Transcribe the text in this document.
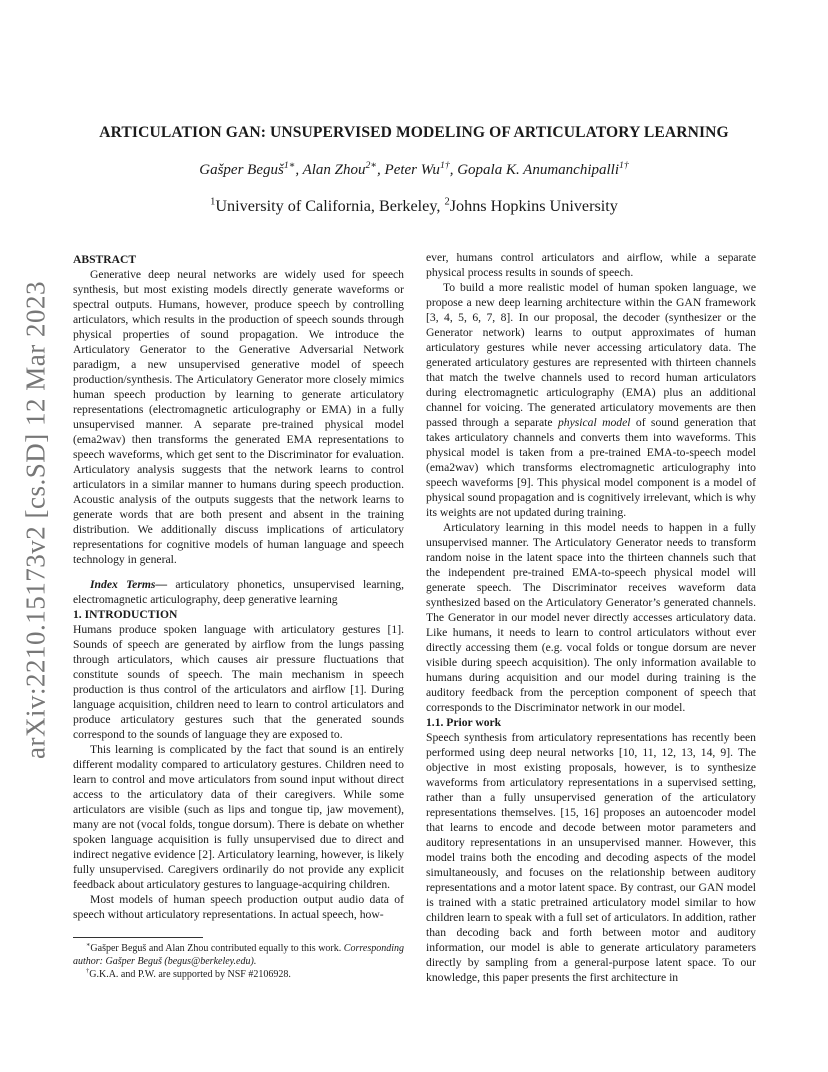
arXiv:2210.15173v2 [cs.SD] 12 Mar 2023
ARTICULATION GAN: UNSUPERVISED MODELING OF ARTICULATORY LEARNING
Gašper Beguš$^{1∗}$, Alan Zhou$^{2∗}$, Peter $Wu^{1\dagger}$, Gopala K. Anumanchipalli$^{1\dagger}$
$^1$University of California, Berkeley, $^2$Johns Hopkins University

ABSTRACT

Generative deep neural networks are widely used for speech synthesis, but most existing models directly generate waveforms or spectral outputs. Humans, however, produce speech by controlling articulators, which results in the production of speech sounds through physical properties of sound propagation. We introduce the Articulatory Generator to the Generative Adversarial Network paradigm, a new unsupervised generative model of speech production/synthesis. The Articulatory Generator more closely mimics human speech production by learning to generate articulatory representations (electromagnetic articulography or EMA) in a fully unsupervised manner. A separate pre-trained physical model (ema2wav) then transforms the generated EMA representations to speech waveforms, which get sent to the Discriminator for evaluation. Articulatory analysis suggests that the network learns to control articulators in a similar manner to humans during speech production. Acoustic analysis of the outputs suggests that the network learns to generate words that are both present and absent in the training distribution. We additionally discuss implications of articulatory representations for cognitive models of human language and speech technology in general.

Index Terms— articulatory phonetics, unsupervised learning, electromagnetic articulography, deep generative learning

1. INTRODUCTION

Humans produce spoken language with articulatory gestures [1]. Sounds of speech are generated by airflow from the lungs passing through articulators, which causes air pressure fluctuations that constitute sounds of speech. The main mechanism in speech production is thus control of the articulators and airflow [1]. During language acquisition, children need to learn to control articulators and produce articulatory gestures such that the generated sounds correspond to the sounds of language they are exposed to.

This learning is complicated by the fact that sound is an entirely different modality compared to articulatory gestures. Children need to learn to control and move articulators from sound input without direct access to the articulatory data of their caregivers. While some articulators are visible (such as lips and tongue tip, jaw movement), many are not (vocal folds, tongue dorsum). There is debate on whether spoken language acquisition is fully unsupervised due to direct and indirect negative evidence [2]. Articulatory learning, however, is likely fully unsupervised. Caregivers ordinarily do not provide any explicit feedback about articulatory gestures to language-acquiring children.

Most models of human speech production output audio data of speech without articulatory representations. In actual speech, how-

ever, humans control articulators and airflow, while a separate physical process results in sounds of speech.

To build a more realistic model of human spoken language, we propose a new deep learning architecture within the GAN framework [3, 4, 5, 6, 7, 8]. In our proposal, the decoder (synthesizer or the Generator network) learns to output approximates of human articulatory gestures while never accessing articulatory data. The generated articulatory gestures are represented with thirteen channels that match the twelve channels used to record human articulators during electromagnetic articulography (EMA) plus an additional channel for voicing. The generated articulatory movements are then passed through a separate physical model of sound generation that takes articulatory channels and converts them into waveforms. This physical model is taken from a pre-trained EMA-to-speech model (ema2wav) which transforms electromagnetic articulography into speech waveforms [9]. This physical model component is a model of physical sound propagation and is cognitively irrelevant, which is why its weights are not updated during training.

Articulatory learning in this model needs to happen in a fully unsupervised manner. The Articulatory Generator needs to transform random noise in the latent space into the thirteen channels such that the independent pre-trained EMA-to-speech physical model will generate speech. The Discriminator receives waveform data synthesized based on the Articulatory Generator’s generated channels. The Generator in our model never directly accesses articulatory data. Like humans, it needs to learn to control articulators without ever directly accessing them (e.g. vocal folds or tongue dorsum are never visible during speech acquisition). The only information available to humans during acquisition and our model during training is the auditory feedback from the perception component of speech that corresponds to the Discriminator network in our model.

1.1. Prior work

Speech synthesis from articulatory representations has recently been performed using deep neural networks [10, 11, 12, 13, 14, 9]. The objective in most existing proposals, however, is to synthesize waveforms from articulatory representations in a supervised setting, rather than a fully unsupervised generation of the articulatory representations themselves. [15, 16] proposes an autoencoder model that learns to encode and decode between motor parameters and auditory representations in an unsupervised manner. However, this model trains both the encoding and decoding aspects of the model simultaneously, and focuses on the relationship between auditory representations and a motor latent space. By contrast, our GAN model is trained with a static pretrained articulatory model similar to how children learn to speak with a full set of articulators. In addition, rather than decoding back and forth between motor and auditory information, our model is able to generate articulatory parameters directly by sampling from a general-purpose latent space. To our knowledge, this paper presents the first architecture in

∗Gašper Beguš and Alan Zhou contributed equally to this work. Corresponding author: Gašper Beguš (begus@berkeley.edu).

†G.K.A. and P.W. are supported by NSF #2106928.
